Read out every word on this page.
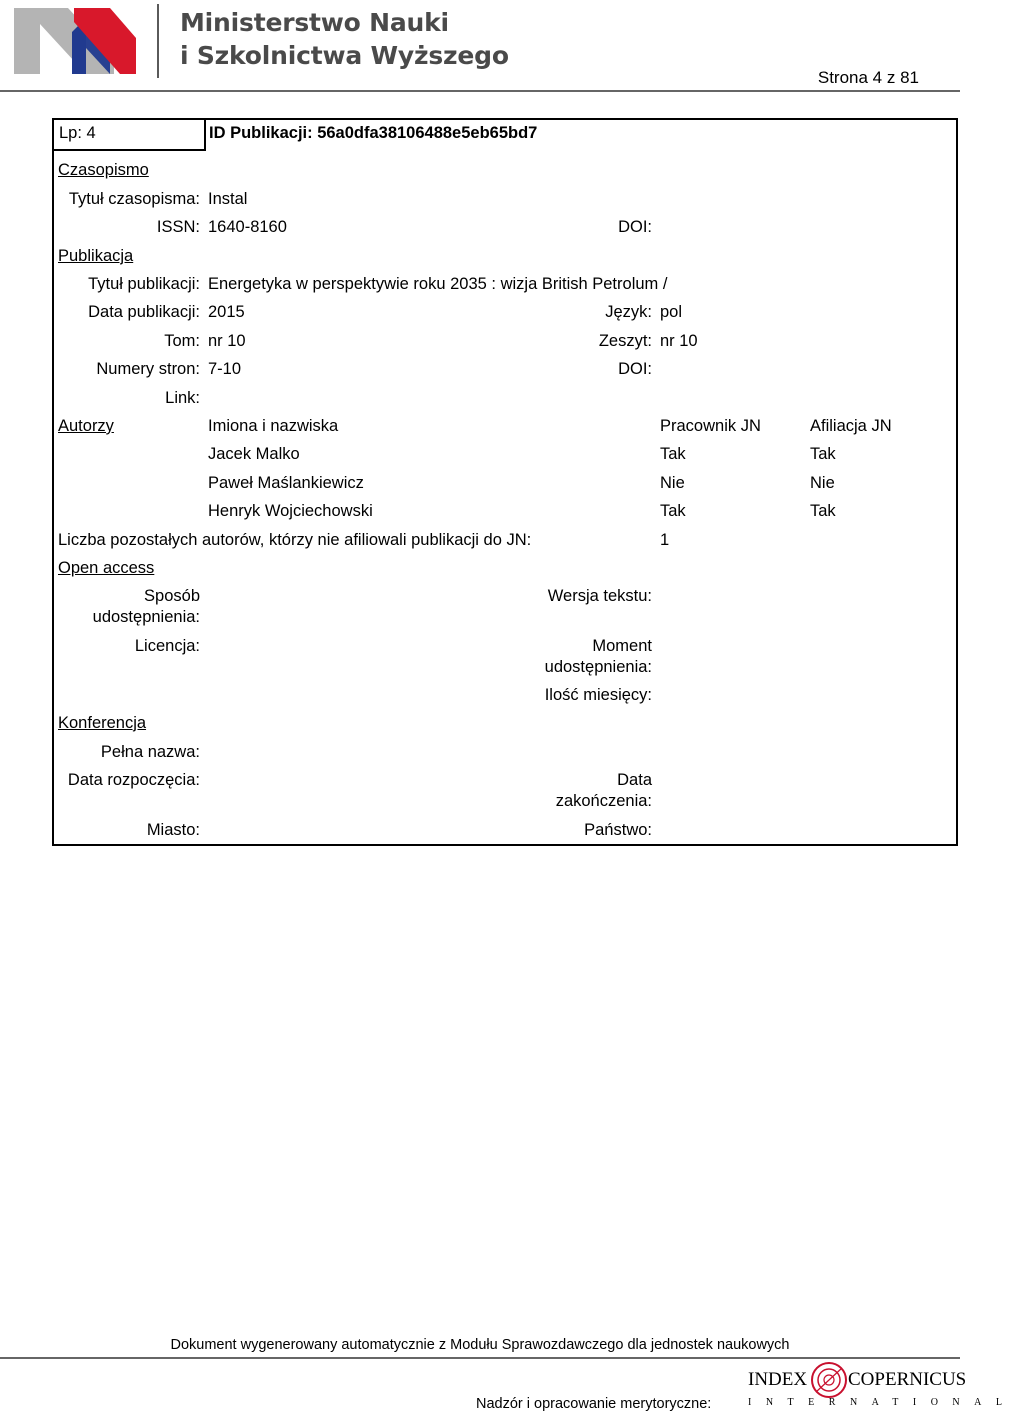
Ministerstwo Nauki
i Szkolnictwa Wyższego
Strona 4 z 81
Lp: 4	ID Publikacji: 56a0dfa38106488e5eb65bd7
Czasopismo
Tytuł czasopisma: Instal
ISSN: 1640-8160	DOI:
Publikacja
Tytuł publikacji: Energetyka w perspektywie roku 2035 : wizja British Petrolum /
Data publikacji: 2015	Język: pol
Tom: nr 10	Zeszyt: nr 10
Numery stron: 7-10	DOI:
Link:
Autorzy	Imiona i nazwiska	Pracownik JN	Afiliacja JN
Jacek Malko	Tak	Tak
Paweł Maślankiewicz	Nie	Nie
Henryk Wojciechowski	Tak	Tak
Liczba pozostałych autorów, którzy nie afiliowali publikacji do JN:	1
Open access
Sposób
udostępnienia:
Wersja tekstu:
Licencja:	Moment
udostępnienia:
Ilość miesięcy:
Konferencja
Pełna nazwa:
Data rozpoczęcia:	Data
zakończenia:
Miasto:	Państwo:
Dokument wygenerowany automatycznie z Modułu Sprawozdawczego dla jednostek naukowych
Nadzór i opracowanie merytoryczne:
INDEX COPERNICUS
INTERNATIONAL
